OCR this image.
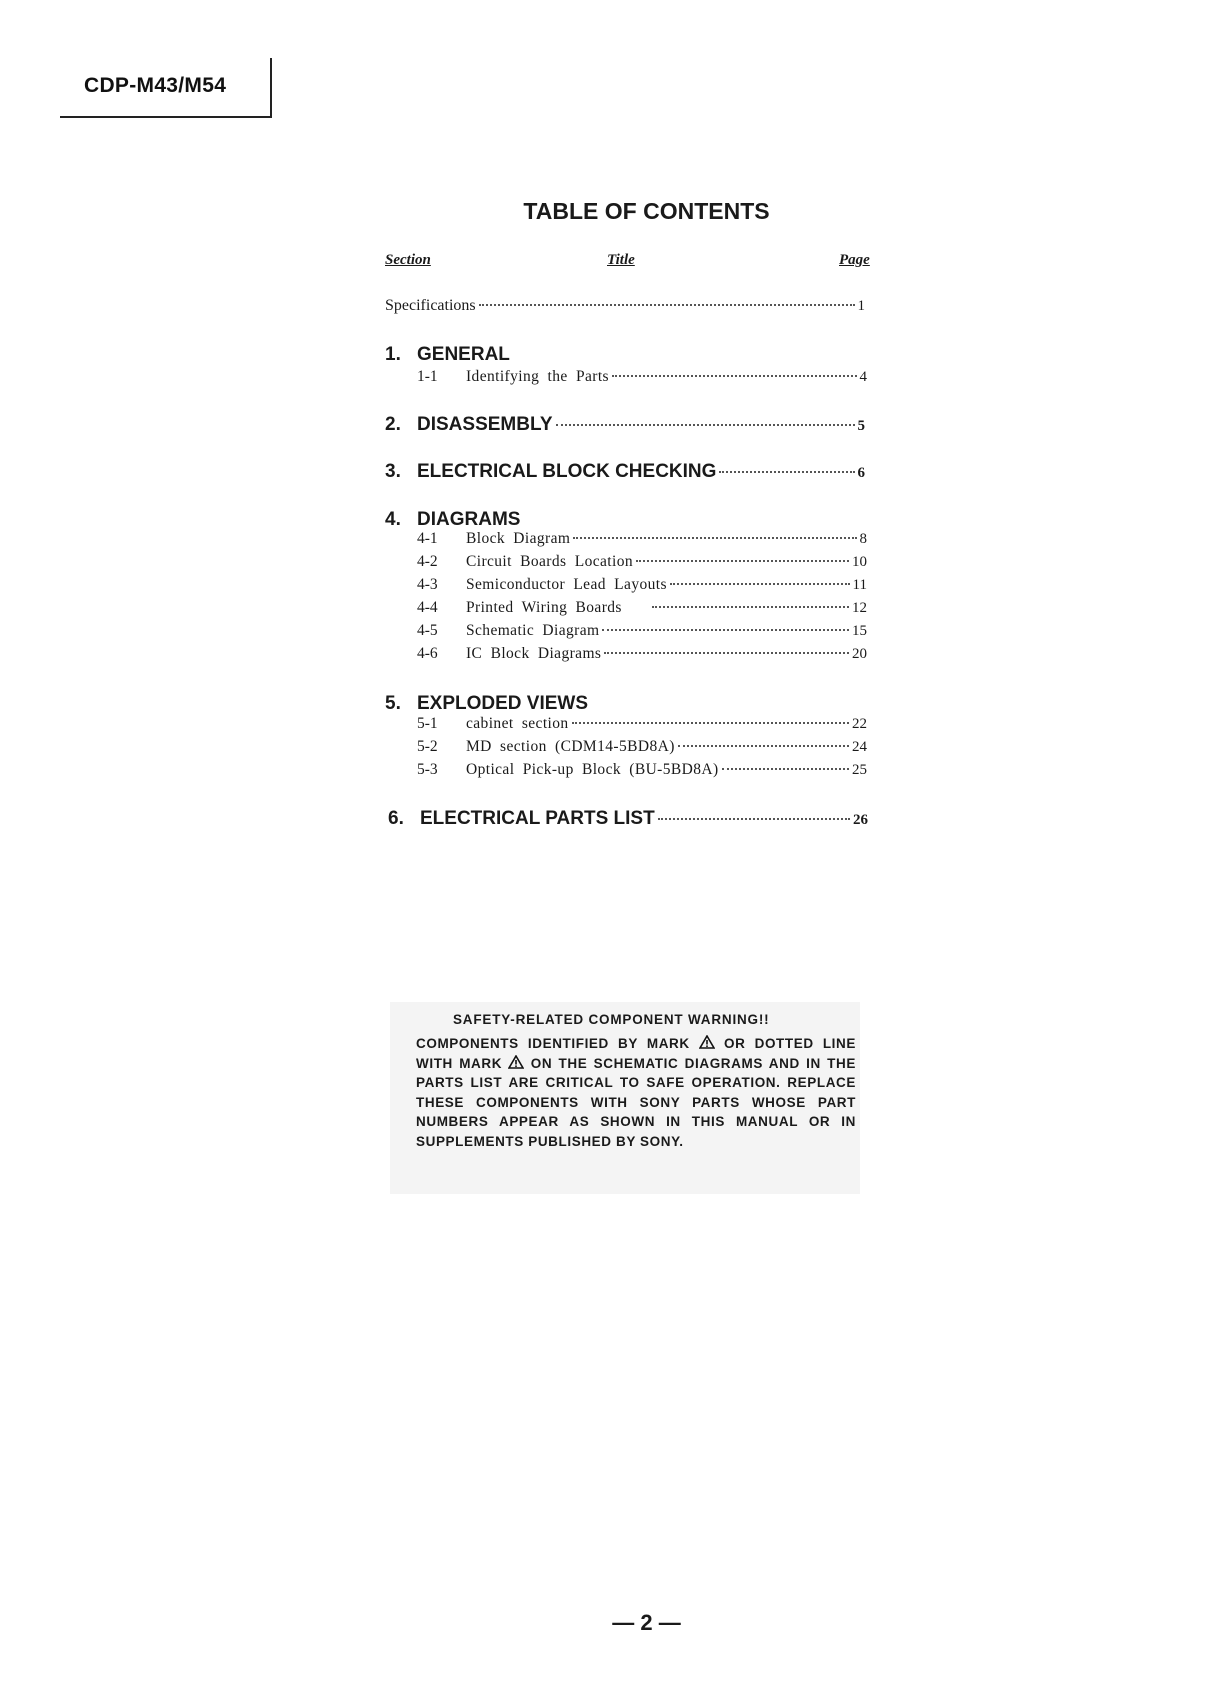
CDP-M43/M54
TABLE OF CONTENTS
Section	Title	Page
Specifications	1
1. GENERAL
1-1	Identifying the Parts	4
2. DISASSEMBLY	5
3. ELECTRICAL BLOCK CHECKING	6
4. DIAGRAMS
4-1	Block Diagram	8
4-2	Circuit Boards Location	10
4-3	Semiconductor Lead Layouts	11
4-4	Printed Wiring Boards	12
4-5	Schematic Diagram	15
4-6	IC Block Diagrams	20
5. EXPLODED VIEWS
5-1	cabinet section	22
5-2	MD section (CDM14-5BD8A)	24
5-3	Optical Pick-up Block (BU-5BD8A)	25
6. ELECTRICAL PARTS LIST	26
SAFETY-RELATED COMPONENT WARNING!!
COMPONENTS IDENTIFIED BY MARK	OR DOTTED LINE WITH MARK ON THE SCHEMATIC DIAGRAMS AND IN THE PARTS LIST ARE CRITICAL TO SAFE OPERATION. REPLACE THESE COMPONENTS WITH SONY PARTS WHOSE PART NUMBERS APPEAR AS SHOWN IN THIS MANUAL OR IN SUPPLEMENTS PUBLISHED BY SONY.
— 2 —
